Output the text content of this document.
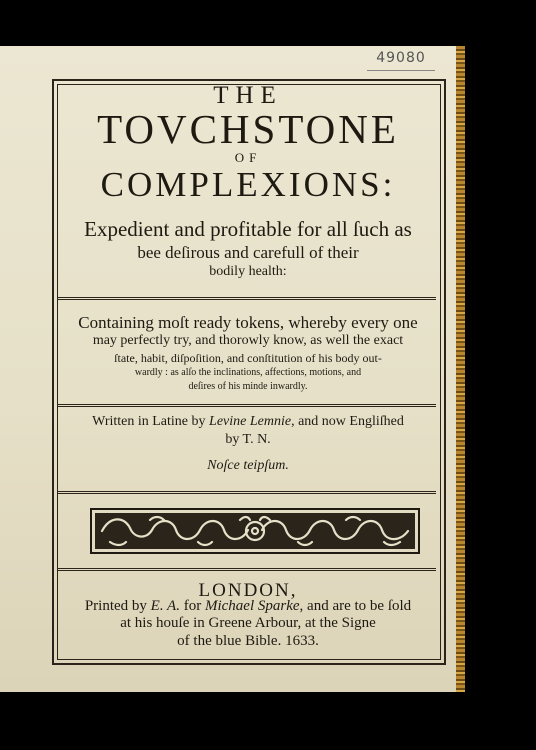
49080
THE
TOVCHSTONE
OF
COMPLEXIONS:
Expedient and profitable for all ſuch as
bee deſirous and carefull of their
bodily health:
Containing moſt ready tokens, whereby every one
may perfectly try, and thorowly know, as well the exact
ſtate, habit, diſpoſition, and conſtitution of his body out-
wardly : as alſo the inclinations, affections, motions, and
deſires of his minde inwardly.
Written in Latine by Levine Lemnie, and now Engliſhed
by T. N.
Noſce teipſum.
LONDON,
Printed by E. A. for Michael Sparke, and are to be ſold
at his houſe in Greene Arbour, at the Signe
of the blue Bible. 1633.
